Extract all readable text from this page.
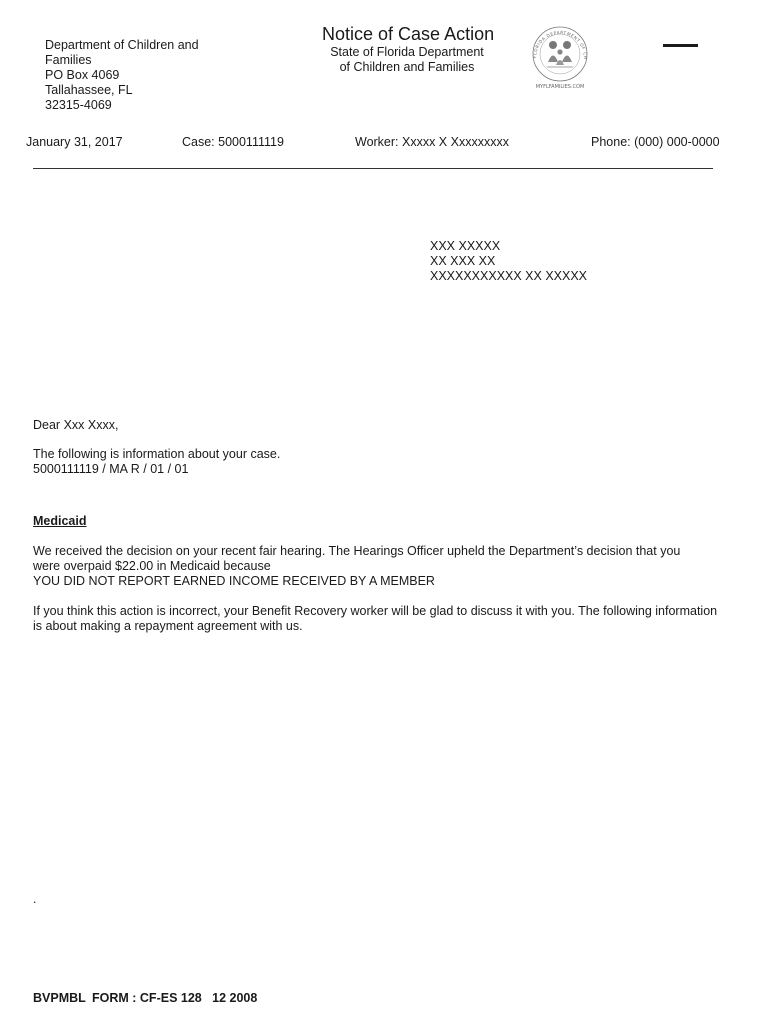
Department of Children and
Families
PO Box 4069
Tallahassee, FL
32315-4069
Notice of Case Action
State of Florida Department
of Children and Families
FLORIDA DEPARTMENT OF CH
MYFLFAMILIES.COM
January 31, 2017	Case: 5000111119	Worker: Xxxxx X Xxxxxxxxx	Phone: (000) 000-0000
XXX XXXXX
XX XXX XX
XXXXXXXXXXX XX XXXXX
Dear Xxx Xxxx,
The following is information about your case.
5000111119 / MA R / 01 / 01
Medicaid
We received the decision on your recent fair hearing. The Hearings Officer upheld the Department’s decision that you
were overpaid $22.00 in Medicaid because
YOU DID NOT REPORT EARNED INCOME RECEIVED BY A MEMBER
If you think this action is incorrect, your Benefit Recovery worker will be glad to discuss it with you. The following information
is about making a repayment agreement with us.
.
BVPMBL FORM : CF-ES 128   12 2008
